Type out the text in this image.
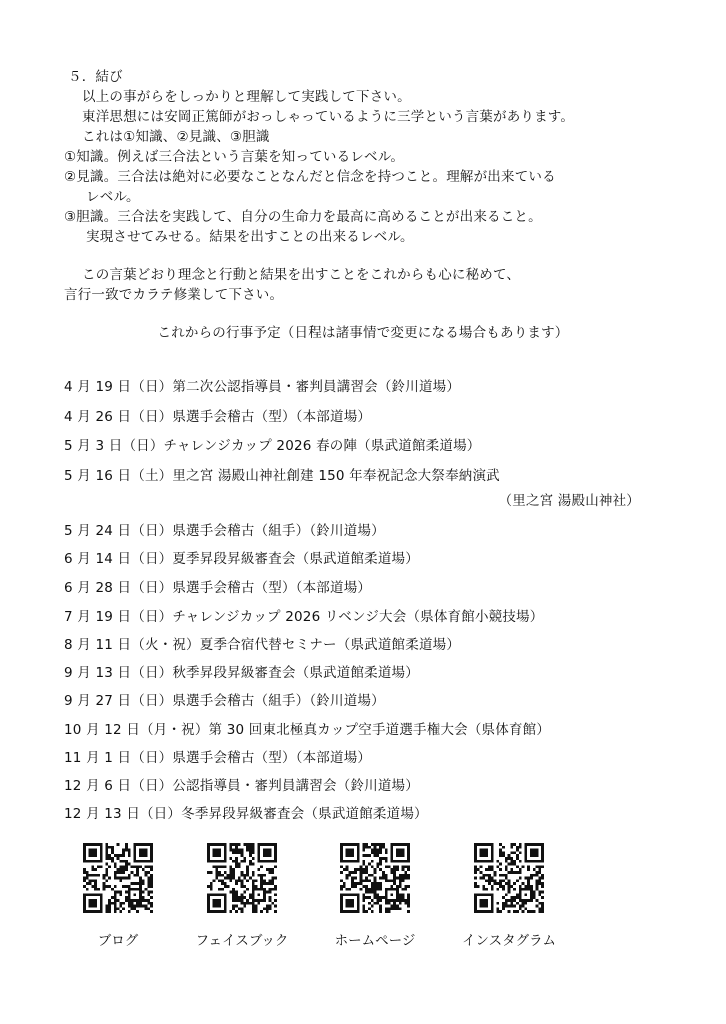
５．結び
以上の事がらをしっかりと理解して実践して下さい。
東洋思想には安岡正篤師がおっしゃっているように三学という言葉があります。
これは①知識、②見識、③胆識
①知識。例えば三合法という言葉を知っているレベル。
②見識。三合法は絶対に必要なことなんだと信念を持つこと。理解が出来ている
レベル。
③胆識。三合法を実践して、自分の生命力を最高に高めることが出来ること。
実現させてみせる。結果を出すことの出来るレベル。
この言葉どおり理念と行動と結果を出すことをこれからも心に秘めて、
言行一致でカラテ修業して下さい。
これからの行事予定（日程は諸事情で変更になる場合もあります）
4 月 19 日（日）第二次公認指導員・審判員講習会（鈴川道場）
4 月 26 日（日）県選手会稽古（型）（本部道場）
5 月 3 日（日）チャレンジカップ 2026 春の陣（県武道館柔道場）
5 月 16 日（土）里之宮 湯殿山神社創建 150 年奉祝記念大祭奉納演武
（里之宮 湯殿山神社）
5 月 24 日（日）県選手会稽古（組手）（鈴川道場）
6 月 14 日（日）夏季昇段昇級審査会（県武道館柔道場）
6 月 28 日（日）県選手会稽古（型）（本部道場）
7 月 19 日（日）チャレンジカップ 2026 リベンジ大会（県体育館小競技場）
8 月 11 日（火・祝）夏季合宿代替セミナー（県武道館柔道場）
9 月 13 日（日）秋季昇段昇級審査会（県武道館柔道場）
9 月 27 日（日）県選手会稽古（組手）（鈴川道場）
10 月 12 日（月・祝）第 30 回東北極真カップ空手道選手権大会（県体育館）
11 月 1 日（日）県選手会稽古（型）（本部道場）
12 月 6 日（日）公認指導員・審判員講習会（鈴川道場）
12 月 13 日（日）冬季昇段昇級審査会（県武道館柔道場）
ブログ	フェイスブック	ホームページ	インスタグラム
